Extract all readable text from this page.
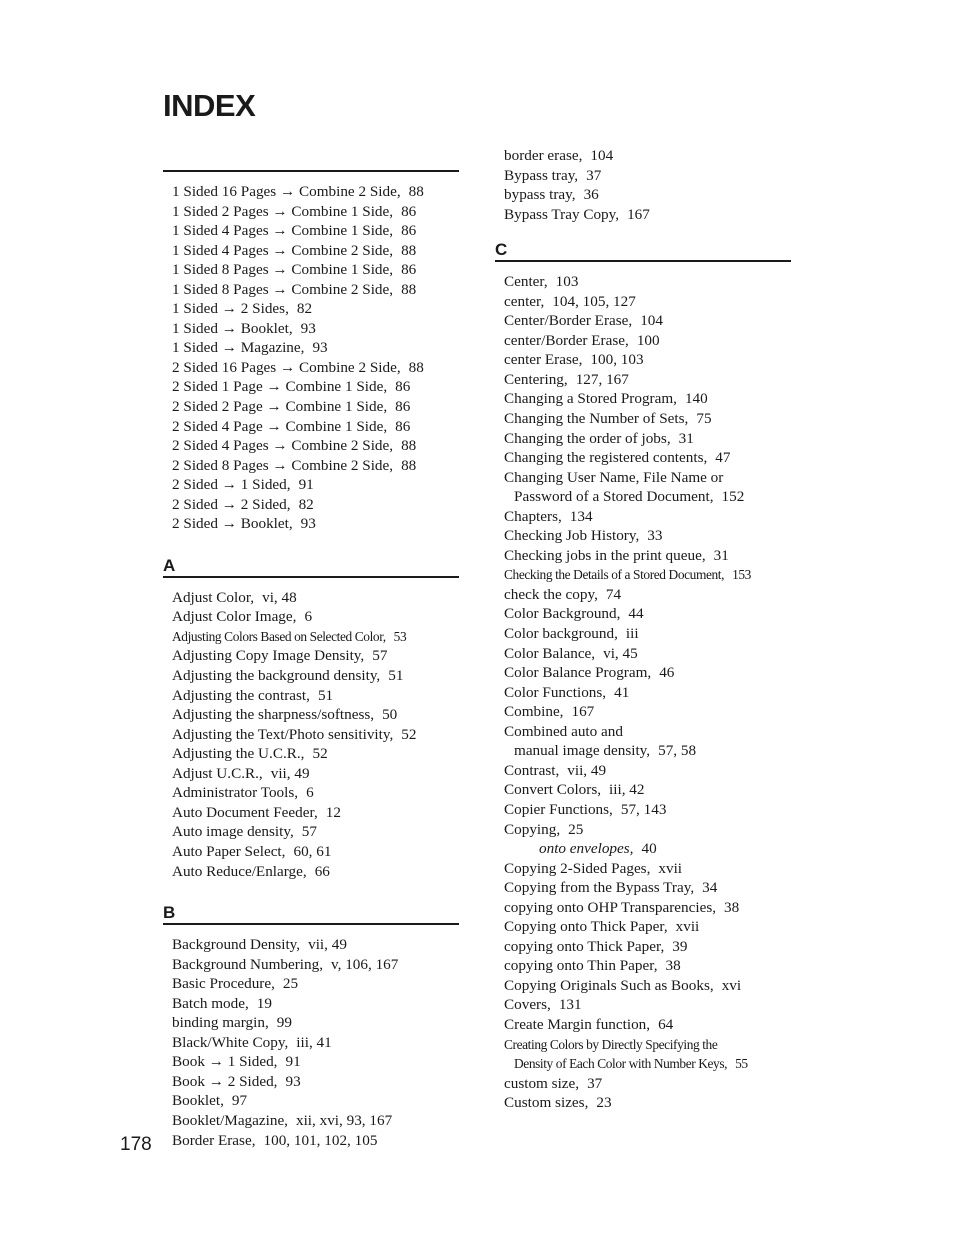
INDEX
1 Sided 16 Pages → Combine 2 Side, 88
1 Sided 2 Pages → Combine 1 Side, 86
1 Sided 4 Pages → Combine 1 Side, 86
1 Sided 4 Pages → Combine 2 Side, 88
1 Sided 8 Pages → Combine 1 Side, 86
1 Sided 8 Pages → Combine 2 Side, 88
1 Sided → 2 Sides, 82
1 Sided → Booklet, 93
1 Sided → Magazine, 93
2 Sided 16 Pages → Combine 2 Side, 88
2 Sided 1 Page → Combine 1 Side, 86
2 Sided 2 Page → Combine 1 Side, 86
2 Sided 4 Page → Combine 1 Side, 86
2 Sided 4 Pages → Combine 2 Side, 88
2 Sided 8 Pages → Combine 2 Side, 88
2 Sided → 1 Sided, 91
2 Sided → 2 Sided, 82
2 Sided → Booklet, 93
A
Adjust Color, vi, 48
Adjust Color Image, 6
Adjusting Colors Based on Selected Color, 53
Adjusting Copy Image Density, 57
Adjusting the background density, 51
Adjusting the contrast, 51
Adjusting the sharpness/softness, 50
Adjusting the Text/Photo sensitivity, 52
Adjusting the U.C.R., 52
Adjust U.C.R., vii, 49
Administrator Tools, 6
Auto Document Feeder, 12
Auto image density, 57
Auto Paper Select, 60, 61
Auto Reduce/Enlarge, 66
B
Background Density, vii, 49
Background Numbering, v, 106, 167
Basic Procedure, 25
Batch mode, 19
binding margin, 99
Black/White Copy, iii, 41
Book → 1 Sided, 91
Book → 2 Sided, 93
Booklet, 97
Booklet/Magazine, xii, xvi, 93, 167
Border Erase, 100, 101, 102, 105
border erase, 104
Bypass tray, 37
bypass tray, 36
Bypass Tray Copy, 167
C
Center, 103
center, 104, 105, 127
Center/Border Erase, 104
center/Border Erase, 100
center Erase, 100, 103
Centering, 127, 167
Changing a Stored Program, 140
Changing the Number of Sets, 75
Changing the order of jobs, 31
Changing the registered contents, 47
Changing User Name, File Name or
Password of a Stored Document, 152
Chapters, 134
Checking Job History, 33
Checking jobs in the print queue, 31
Checking the Details of a Stored Document, 153
check the copy, 74
Color Background, 44
Color background, iii
Color Balance, vi, 45
Color Balance Program, 46
Color Functions, 41
Combine, 167
Combined auto and
manual image density, 57, 58
Contrast, vii, 49
Convert Colors, iii, 42
Copier Functions, 57, 143
Copying, 25
onto envelopes, 40
Copying 2-Sided Pages, xvii
Copying from the Bypass Tray, 34
copying onto OHP Transparencies, 38
Copying onto Thick Paper, xvii
copying onto Thick Paper, 39
copying onto Thin Paper, 38
Copying Originals Such as Books, xvi
Covers, 131
Create Margin function, 64
Creating Colors by Directly Specifying the
Density of Each Color with Number Keys, 55
custom size, 37
Custom sizes, 23

178
